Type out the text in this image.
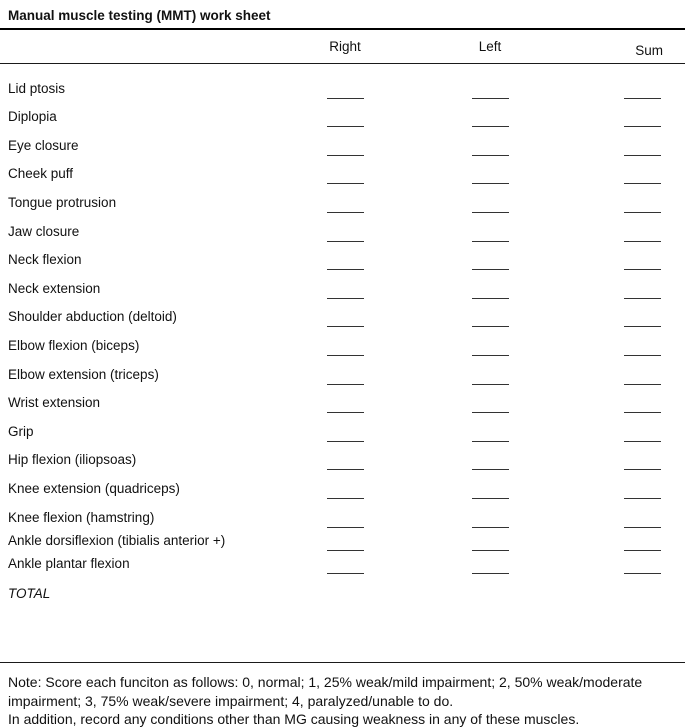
Manual muscle testing (MMT) work sheet
Right	Left	Sum
Lid ptosis
Diplopia
Eye closure
Cheek puff
Tongue protrusion
Jaw closure
Neck flexion
Neck extension
Shoulder abduction (deltoid)
Elbow flexion (biceps)
Elbow extension (triceps)
Wrist extension
Grip
Hip flexion (iliopsoas)
Knee extension (quadriceps)
Knee flexion (hamstring)
Ankle dorsiflexion (tibialis anterior +)
Ankle plantar flexion
TOTAL

Note: Score each funciton as follows: 0, normal; 1, 25% weak/mild impairment; 2, 50% weak/moderate impairment; 3, 75% weak/severe impairment; 4, paralyzed/unable to do.

In addition, record any conditions other than MG causing weakness in any of these muscles.
